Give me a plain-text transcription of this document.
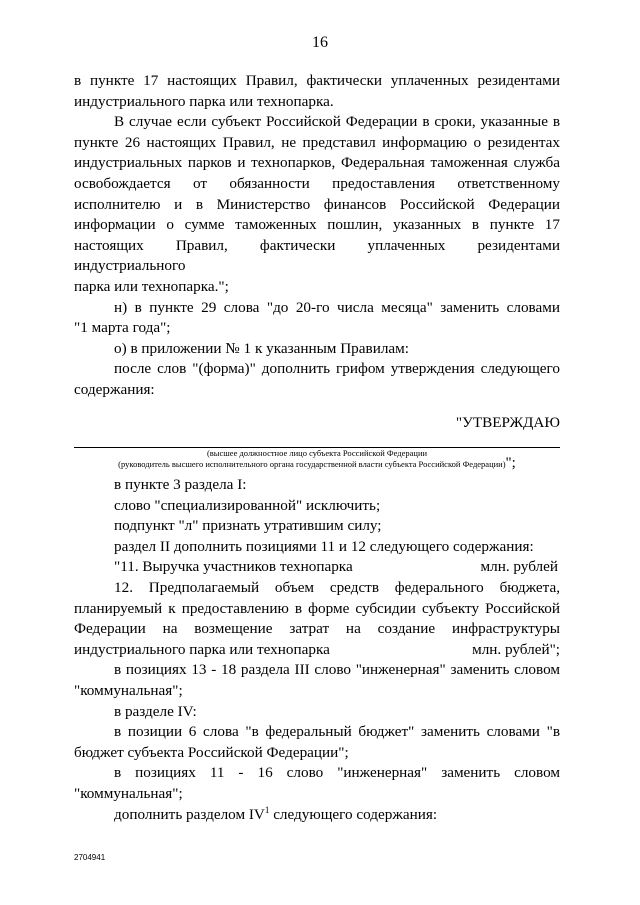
16

в пункте 17 настоящих Правил, фактически уплаченных резидентами

индустриального парка или технопарка.

В случае если субъект Российской Федерации в сроки, указанные в

пункте 26 настоящих Правил, не представил информацию о резидентах

индустриальных парков и технопарков, Федеральная таможенная служба

освобождается от обязанности предоставления ответственному

исполнителю и в Министерство финансов Российской Федерации

информации о сумме таможенных пошлин, указанных в пункте 17

настоящих Правил, фактически уплаченных резидентами индустриального

парка или технопарка.";

н) в пункте 29 слова "до 20-го числа месяца" заменить словами

"1 марта года";

о) в приложении № 1 к указанным Правилам:

после слов "(форма)" дополнить грифом утверждения следующего

содержания:

"УТВЕРЖДАЮ

(высшее должностное лицо субъекта Российской Федерации

(руководитель высшего исполнительного органа государственной власти субъекта Российской Федерации)";

в пункте 3 раздела I:

слово "специализированной" исключить;

подпункт "л" признать утратившим силу;

раздел II дополнить позициями 11 и 12 следующего содержания:

"11. Выручка участников технопарка	млн. рублей

12. Предполагаемый объем средств федерального бюджета,

планируемый к предоставлению в форме субсидии субъекту Российской

Федерации на возмещение затрат на создание инфраструктуры

индустриального парка или технопарка	млн. рублей";

в позициях 13 - 18 раздела III слово "инженерная" заменить словом

"коммунальная";

в разделе IV:

в позиции 6 слова "в федеральный бюджет" заменить словами "в

бюджет субъекта Российской Федерации";

в позициях 11 - 16 слово "инженерная" заменить словом

"коммунальная";

дополнить разделом $IV^1$ следующего содержания:

2704941
